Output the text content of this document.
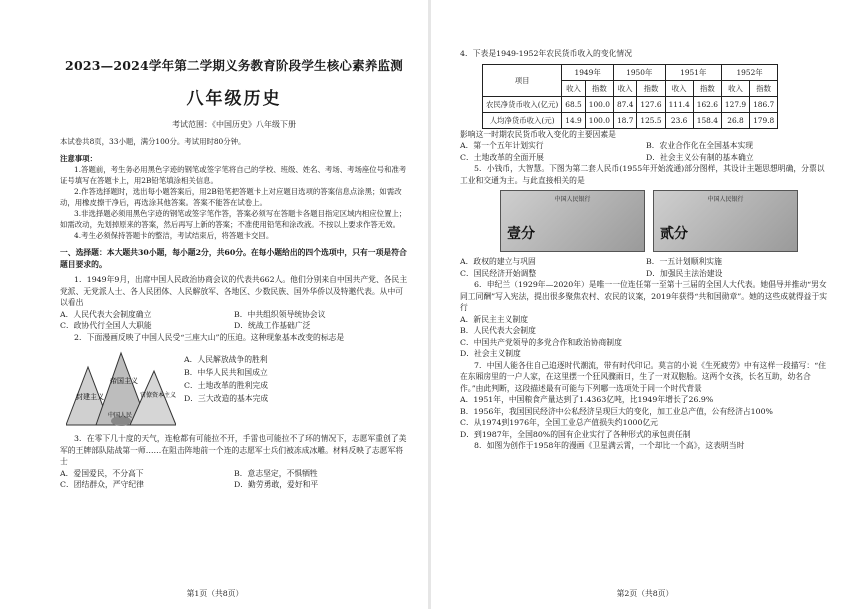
2023—2024学年第二学期义务教育阶段学生核心素养监测
八年级历史
考试范围：《中国历史》八年级下册
本试卷共8页，33小题，满分100分。考试用时80分钟。
注意事项：
1.答题前，考生务必用黑色字迹的钢笔或签字笔将自己的学校、班级、姓名、考场、考场座位号和准考证号填写在答题卡上，用2B铅笔填涂相关信息。
2.作答选择题时，选出每小题答案后，用2B铅笔把答题卡上对应题目选项的答案信息点涂黑；如需改动，用橡皮擦干净后，再选涂其他答案。答案不能答在试卷上。
3.非选择题必须用黑色字迹的钢笔或签字笔作答，答案必须写在答题卡各题目指定区域内相应位置上；如需改动，先划掉原来的答案，然后再写上新的答案；不准使用铅笔和涂改液。不按以上要求作答无效。
4.考生必须保持答题卡的整洁，考试结束后，将答题卡交回。
一、选择题：本大题共30小题，每小题2分，共60分。在每小题给出的四个选项中，只有一项是符合题目要求的。
1．1949年9月，出席中国人民政治协商会议的代表共662人。他们分别来自中国共产党、各民主党派、无党派人士、各人民团体、人民解放军、各地区、少数民族、国外华侨以及特邀代表。从中可以看出
A．人民代表大会制度确立	B．中共组织领导统协会议
C．政协代行全国人大职能	D．统战工作基础广泛
2．下面漫画反映了中国人民受“三座大山”的压迫。这种现象基本改变的标志是
封建主义
帝国主义
官僚资本主义
中国人民
A．人民解放战争的胜利
B．中华人民共和国成立
C．土地改革的胜利完成
D．三大改造的基本完成
3．在零下几十度的天气，连枪都有可能拉不开，手雷也可能拉不了环的情况下，志愿军重创了美军的王牌部队陆战第一师……在阻击阵地前一个连的志愿军士兵们被冻成冰雕。材料反映了志愿军将士
A．爱国爱民，不分高下	B．意志坚定，不惧牺牲
C．团结群众，严守纪律	D．勤劳勇敢，爱好和平
第1页（共8页）
4．下表是1949-1952年农民货币收入的变化情况
项目	1949年		1950年		1951年		1952年	
	收入	指数	收入	指数	收入	指数	收入	指数
农民净货币收入(亿元)	68.5	100.0	87.4	127.6	111.4	162.6	127.9	186.7
人均净货币收入(元)	14.9	100.0	18.7	125.5	23.6	158.4	26.8	179.8
影响这一时期农民货币收入变化的主要因素是
A．第一个五年计划实行	B．农业合作化在全国基本实现
C．土地改革的全面开展	D．社会主义公有制的基本确立
5．小钱币，大智慧。下图为第二套人民币(1955年开始流通)部分图样，其设计主题思想明确，分票以工业和交通为主。与此直接相关的是
中国人民银行
壹分
中国人民银行
贰分
A．政权的建立与巩固	B．一五计划顺利实施
C．国民经济开始调整	D．加强民主法治建设
6．申纪兰（1929年—2020年）是唯一一位连任第一至第十三届的全国人大代表。她倡导并推动“男女同工同酬”写入宪法，提出很多聚焦农村、农民的议案，2019年获得“共和国勋章”。她的这些成就得益于实行
A．新民主主义制度
B．人民代表大会制度
C．中国共产党领导的多党合作和政治协商制度
D．社会主义制度
7．中国人能各住自己追逐时代潮流，带有时代印记。莫言的小说《生死疲劳》中有这样一段描写：“住在东厢房里的一户人家，在这里摆一个狂风骤雨日，生了一对双胞胎。这两个女孩，长名互助，幼名合作。”由此判断，这段描述最有可能与下列哪一选项处于同一个时代背景
A．1951年，中国粮食产量达到了1.4363亿吨，比1949年增长了26.9%
B．1956年，我国国民经济中公私经济呈现巨大的变化，加工业总产值，公有经济占100%
C．从1974到1976年，全国工业总产值损失约1000亿元
D．到1987年，全国80%的国有企业实行了各种形式的承包责任制
8．如图为创作于1958年的漫画《卫星满云霄，一个却比一个高》，这表明当时
第2页（共8页）
